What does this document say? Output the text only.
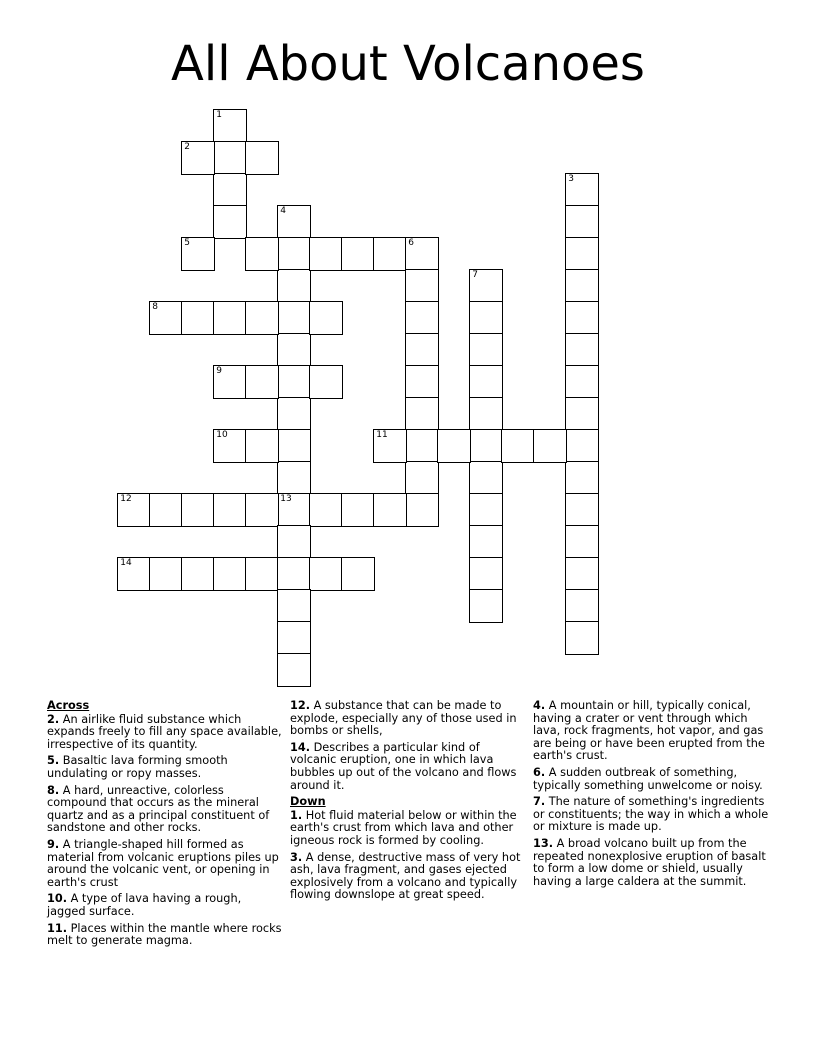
All About Volcanoes
1
2
3
4
13
5	6
7
8
9
10	11
12
14
Across
2. An airlike fluid substance which expands freely to fill any space available, irrespective of its quantity.
5. Basaltic lava forming smooth undulating or ropy masses.
8. A hard, unreactive, colorless compound that occurs as the mineral quartz and as a principal constituent of sandstone and other rocks.
9. A triangle-shaped hill formed as material from volcanic eruptions piles up around the volcanic vent, or opening in earth's crust
10. A type of lava having a rough, jagged surface.
11. Places within the mantle where rocks melt to generate magma.
12. A substance that can be made to explode, especially any of those used in bombs or shells,
14. Describes a particular kind of volcanic eruption, one in which lava bubbles up out of the volcano and flows around it.
Down
1. Hot fluid material below or within the earth's crust from which lava and other igneous rock is formed by cooling.
3. A dense, destructive mass of very hot ash, lava fragment, and gases ejected explosively from a volcano and typically flowing downslope at great speed.
4. A mountain or hill, typically conical, having a crater or vent through which lava, rock fragments, hot vapor, and gas are being or have been erupted from the earth's crust.
6. A sudden outbreak of something, typically something unwelcome or noisy.
7. The nature of something's ingredients or constituents; the way in which a whole or mixture is made up.
13. A broad volcano built up from the repeated nonexplosive eruption of basalt to form a low dome or shield, usually having a large caldera at the summit.
